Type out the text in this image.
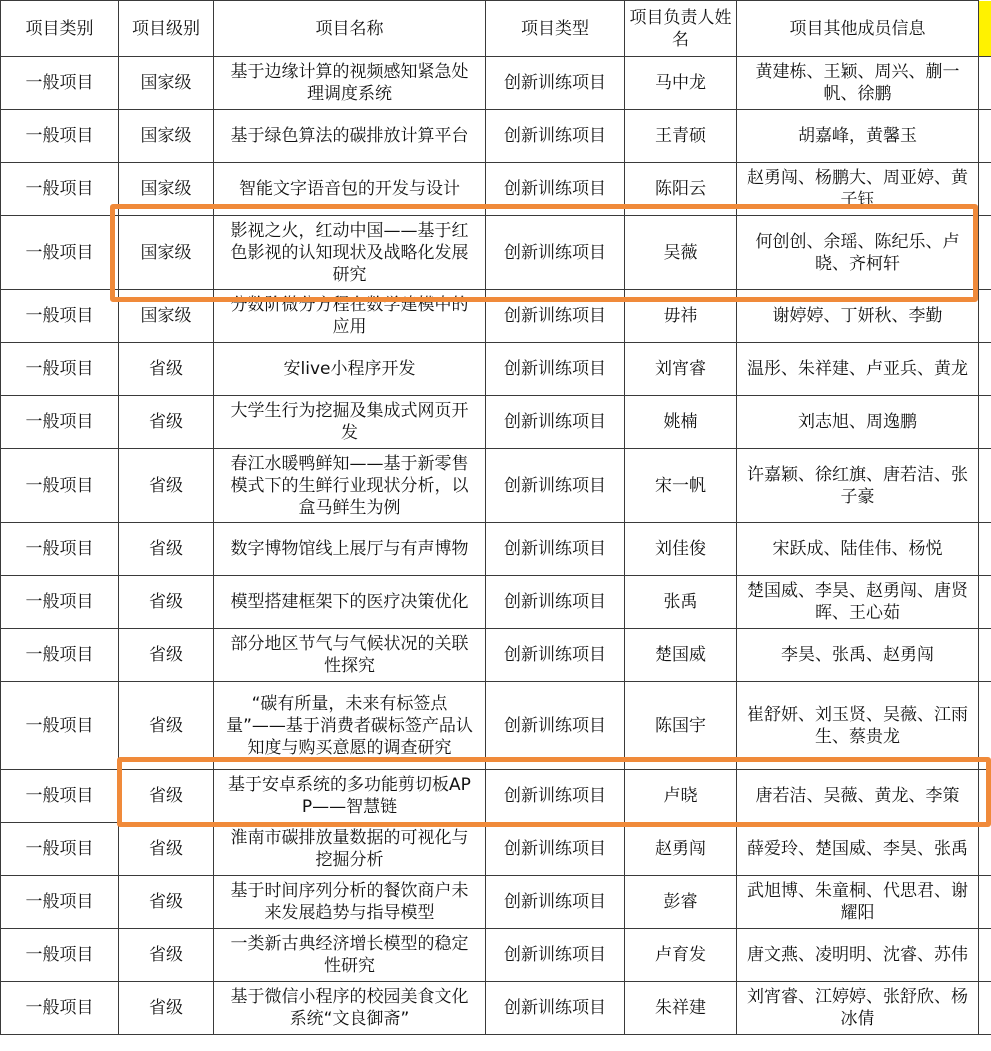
项目类别	项目级别	项目名称	项目类型	项目负责人姓名	项目其他成员信息	
一般项目	国家级	基于边缘计算的视频感知紧急处理调度系统	创新训练项目	马中龙	黄建栋、王颖、周兴、蒯一帆、徐鹏	
一般项目	国家级	基于绿色算法的碳排放计算平台	创新训练项目	王青硕	胡嘉峰，黄馨玉	
一般项目	国家级	智能文字语音包的开发与设计	创新训练项目	陈阳云	赵勇闯、杨鹏大、周亚婷、黄子钰	
一般项目	国家级	影视之火，红动中国——基于红色影视的认知现状及战略化发展研究	创新训练项目	吴薇	何创创、余瑶、陈纪乐、卢晓、齐柯轩	
一般项目	国家级	分数阶微分方程在数学建模中的应用	创新训练项目	毋祎	谢婷婷、丁妍秋、李勤	
一般项目	省级	安live小程序开发	创新训练项目	刘宵睿	温彤、朱祥建、卢亚兵、黄龙	
一般项目	省级	大学生行为挖掘及集成式网页开发	创新训练项目	姚楠	刘志旭、周逸鹏	
一般项目	省级	春江水暖鸭鲜知——基于新零售模式下的生鲜行业现状分析，以盒马鲜生为例	创新训练项目	宋一帆	许嘉颖、徐红旗、唐若洁、张子豪	
一般项目	省级	数字博物馆线上展厅与有声博物	创新训练项目	刘佳俊	宋跃成、陆佳伟、杨悦	
一般项目	省级	模型搭建框架下的医疗决策优化	创新训练项目	张禹	楚国威、李昊、赵勇闯、唐贤晖、王心茹	
一般项目	省级	部分地区节气与气候状况的关联性探究	创新训练项目	楚国威	李昊、张禹、赵勇闯	
一般项目	省级	“碳有所量，未来有标签点量”——基于消费者碳标签产品认知度与购买意愿的调查研究	创新训练项目	陈国宇	崔舒妍、刘玉贤、吴薇、江雨生、蔡贵龙	
一般项目	省级	基于安卓系统的多功能剪切板APP——智慧链	创新训练项目	卢晓	唐若洁、吴薇、黄龙、李策	
一般项目	省级	淮南市碳排放量数据的可视化与挖掘分析	创新训练项目	赵勇闯	薛爱玲、楚国威、李昊、张禹	
一般项目	省级	基于时间序列分析的餐饮商户未来发展趋势与指导模型	创新训练项目	彭睿	武旭博、朱童桐、代思君、谢耀阳	
一般项目	省级	一类新古典经济增长模型的稳定性研究	创新训练项目	卢育发	唐文燕、凌明明、沈睿、苏伟	
一般项目	省级	基于微信小程序的校园美食文化系统“文良御斋”	创新训练项目	朱祥建	刘宵睿、江婷婷、张舒欣、杨冰倩	
